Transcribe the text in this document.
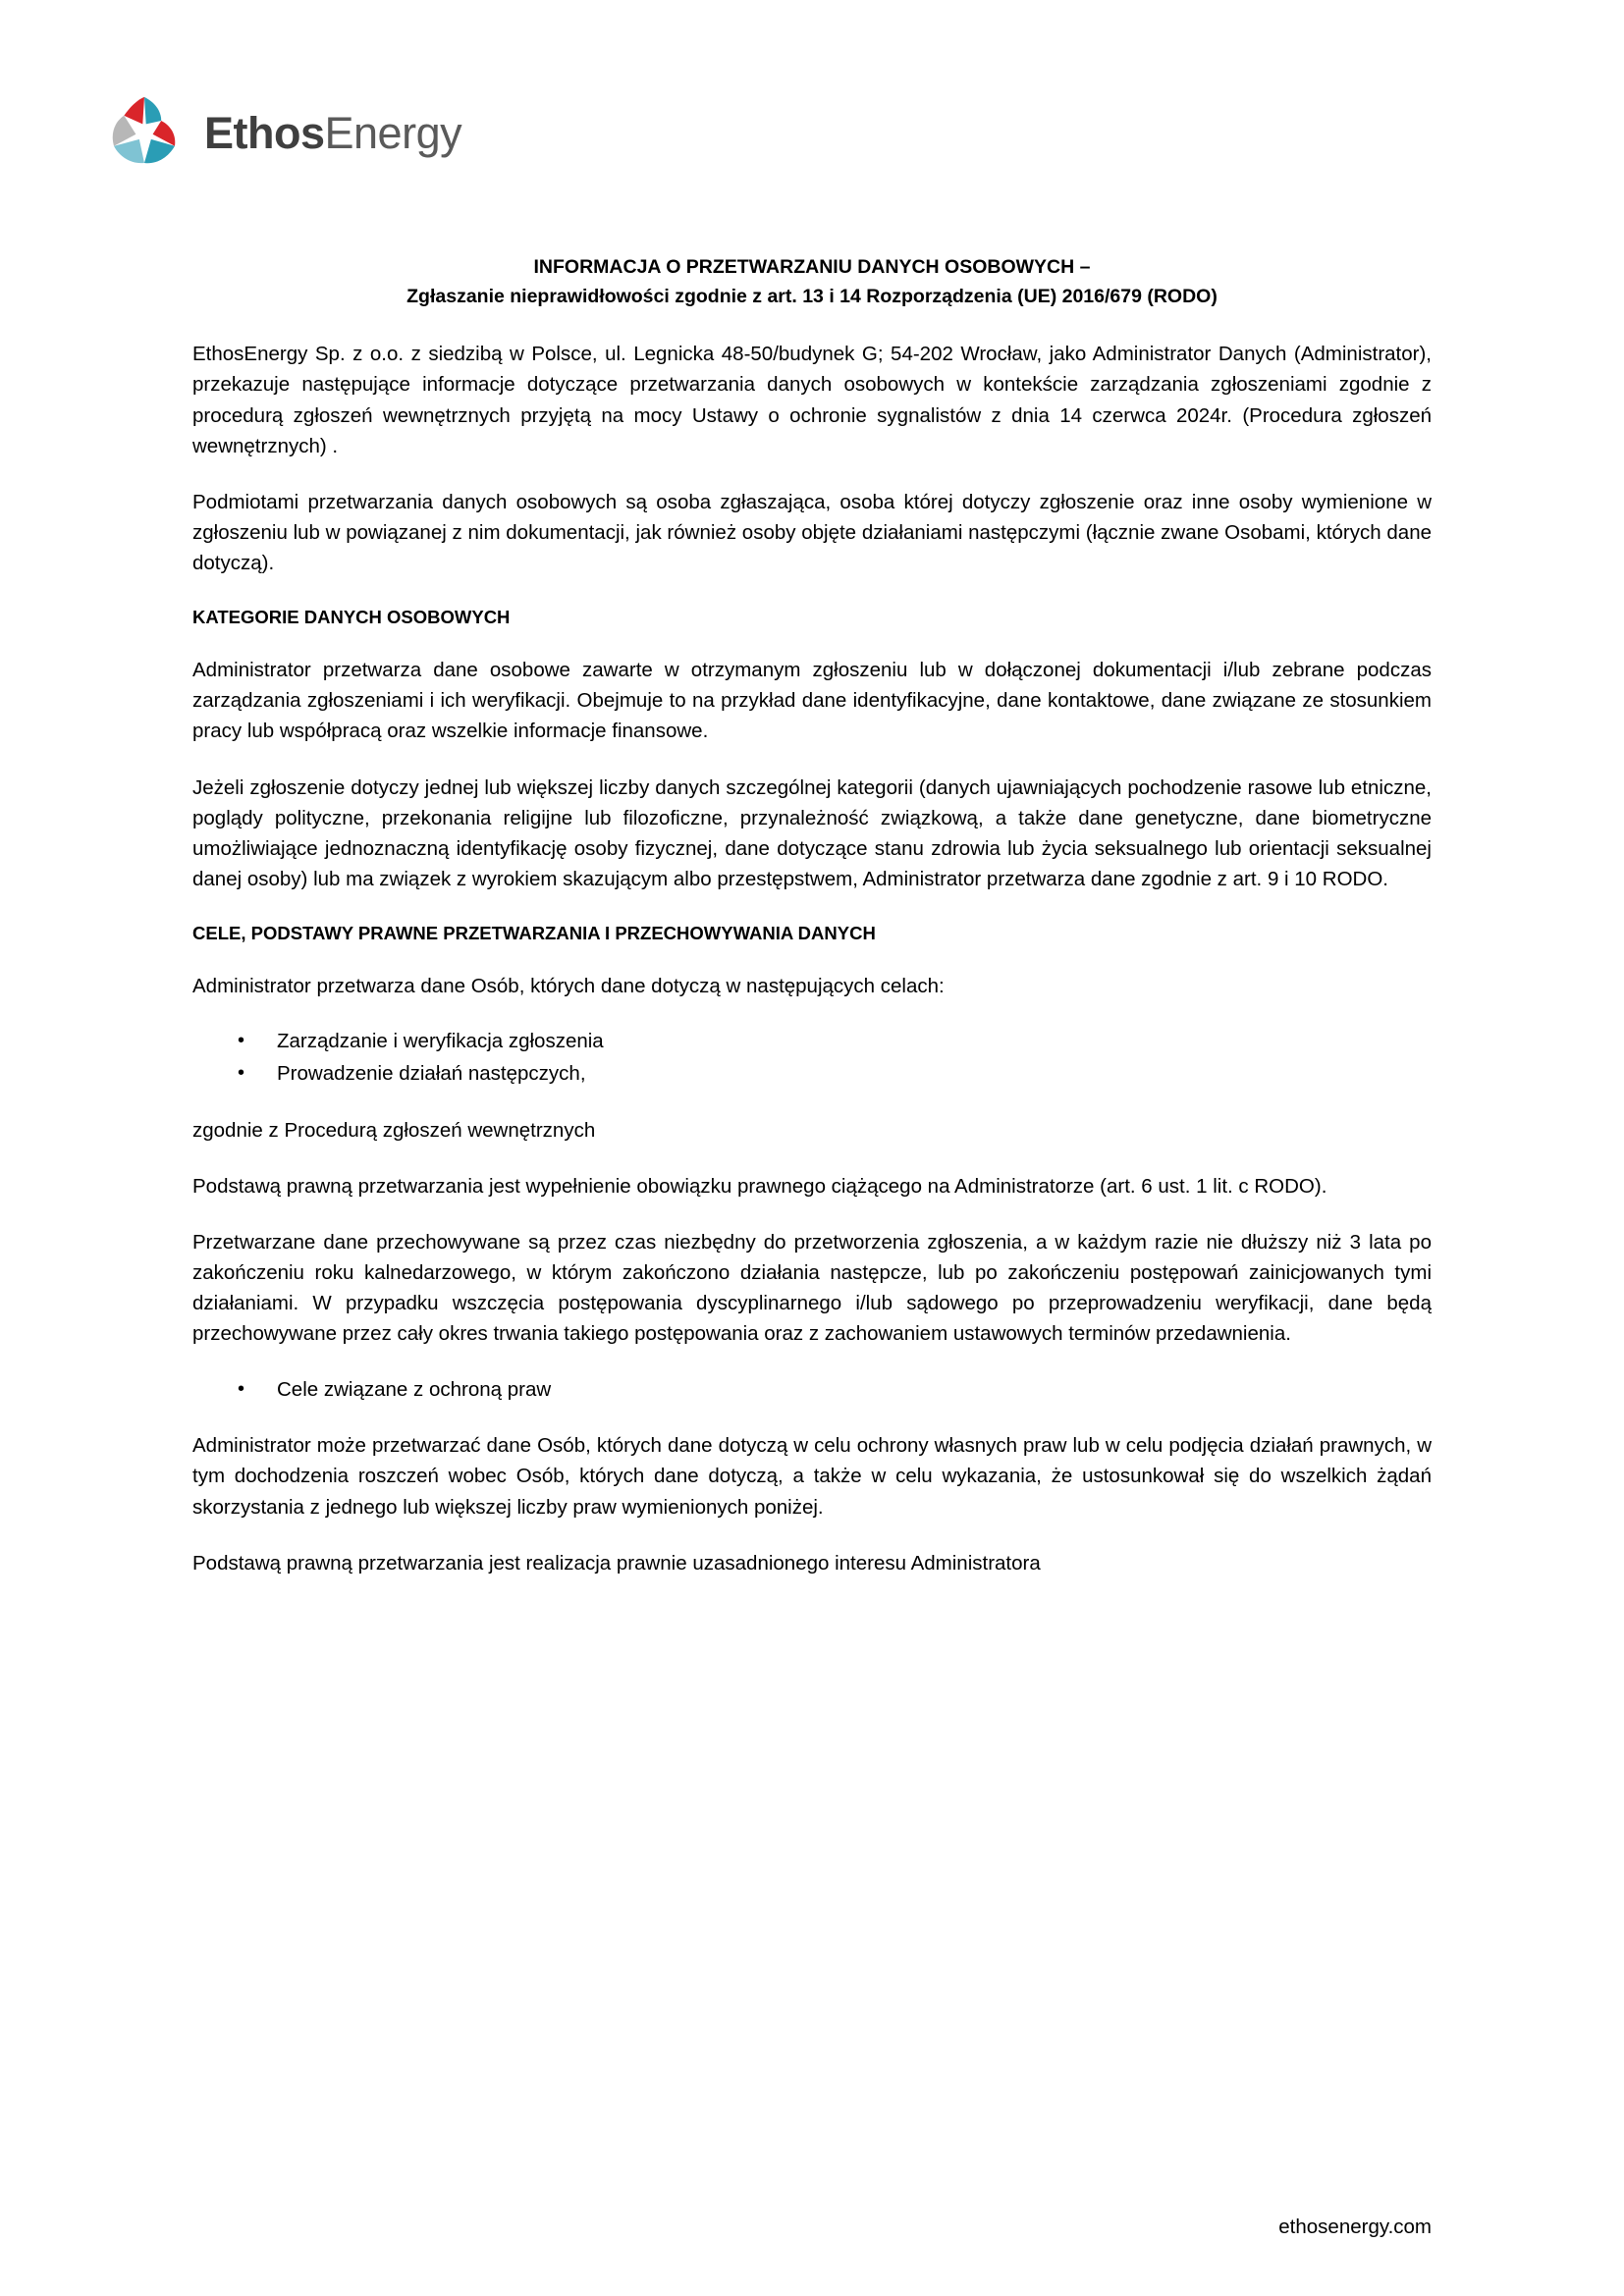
EthosEnergy
INFORMACJA O PRZETWARZANIU DANYCH OSOBOWYCH –
Zgłaszanie nieprawidłowości zgodnie z art. 13 i 14 Rozporządzenia (UE) 2016/679 (RODO)

EthosEnergy Sp. z o.o. z siedzibą w Polsce, ul. Legnicka 48-50/budynek G; 54-202 Wrocław, jako Administrator Danych (Administrator), przekazuje następujące informacje dotyczące przetwarzania danych osobowych w kontekście zarządzania zgłoszeniami zgodnie z procedurą zgłoszeń wewnętrznych przyjętą na mocy Ustawy o ochronie sygnalistów z dnia 14 czerwca 2024r. (Procedura zgłoszeń wewnętrznych) .

Podmiotami przetwarzania danych osobowych są osoba zgłaszająca, osoba której dotyczy zgłoszenie oraz inne osoby wymienione w zgłoszeniu lub w powiązanej z nim dokumentacji, jak również osoby objęte działaniami następczymi (łącznie zwane Osobami, których dane dotyczą).

KATEGORIE DANYCH OSOBOWYCH

Administrator przetwarza dane osobowe zawarte w otrzymanym zgłoszeniu lub w dołączonej dokumentacji i/lub zebrane podczas zarządzania zgłoszeniami i ich weryfikacji. Obejmuje to na przykład dane identyfikacyjne, dane kontaktowe, dane związane ze stosunkiem pracy lub współpracą oraz wszelkie informacje finansowe.

Jeżeli zgłoszenie dotyczy jednej lub większej liczby danych szczególnej kategorii (danych ujawniających pochodzenie rasowe lub etniczne, poglądy polityczne, przekonania religijne lub filozoficzne, przynależność związkową, a także dane genetyczne, dane biometryczne umożliwiające jednoznaczną identyfikację osoby fizycznej, dane dotyczące stanu zdrowia lub życia seksualnego lub orientacji seksualnej danej osoby) lub ma związek z wyrokiem skazującym albo przestępstwem, Administrator przetwarza dane zgodnie z art. 9 i 10 RODO.

CELE, PODSTAWY PRAWNE PRZETWARZANIA I PRZECHOWYWANIA DANYCH

Administrator przetwarza dane Osób, których dane dotyczą w następujących celach:

• Zarządzanie i weryfikacja zgłoszenia
• Prowadzenie działań następczych,

zgodnie z Procedurą zgłoszeń wewnętrznych

Podstawą prawną przetwarzania jest wypełnienie obowiązku prawnego ciążącego na Administratorze (art. 6 ust. 1 lit. c RODO).

Przetwarzane dane przechowywane są przez czas niezbędny do przetworzenia zgłoszenia, a w każdym razie nie dłuższy niż 3 lata po zakończeniu roku kalnedarzowego, w którym zakończono działania następcze, lub po zakończeniu postępowań zainicjowanych tymi działaniami. W przypadku wszczęcia postępowania dyscyplinarnego i/lub sądowego po przeprowadzeniu weryfikacji, dane będą przechowywane przez cały okres trwania takiego postępowania oraz z zachowaniem ustawowych terminów przedawnienia.

• Cele związane z ochroną praw

Administrator może przetwarzać dane Osób, których dane dotyczą w celu ochrony własnych praw lub w celu podjęcia działań prawnych, w tym dochodzenia roszczeń wobec Osób, których dane dotyczą, a także w celu wykazania, że ustosunkował się do wszelkich żądań skorzystania z jednego lub większej liczby praw wymienionych poniżej.

Podstawą prawną przetwarzania jest realizacja prawnie uzasadnionego interesu Administratora

ethosenergy.com
